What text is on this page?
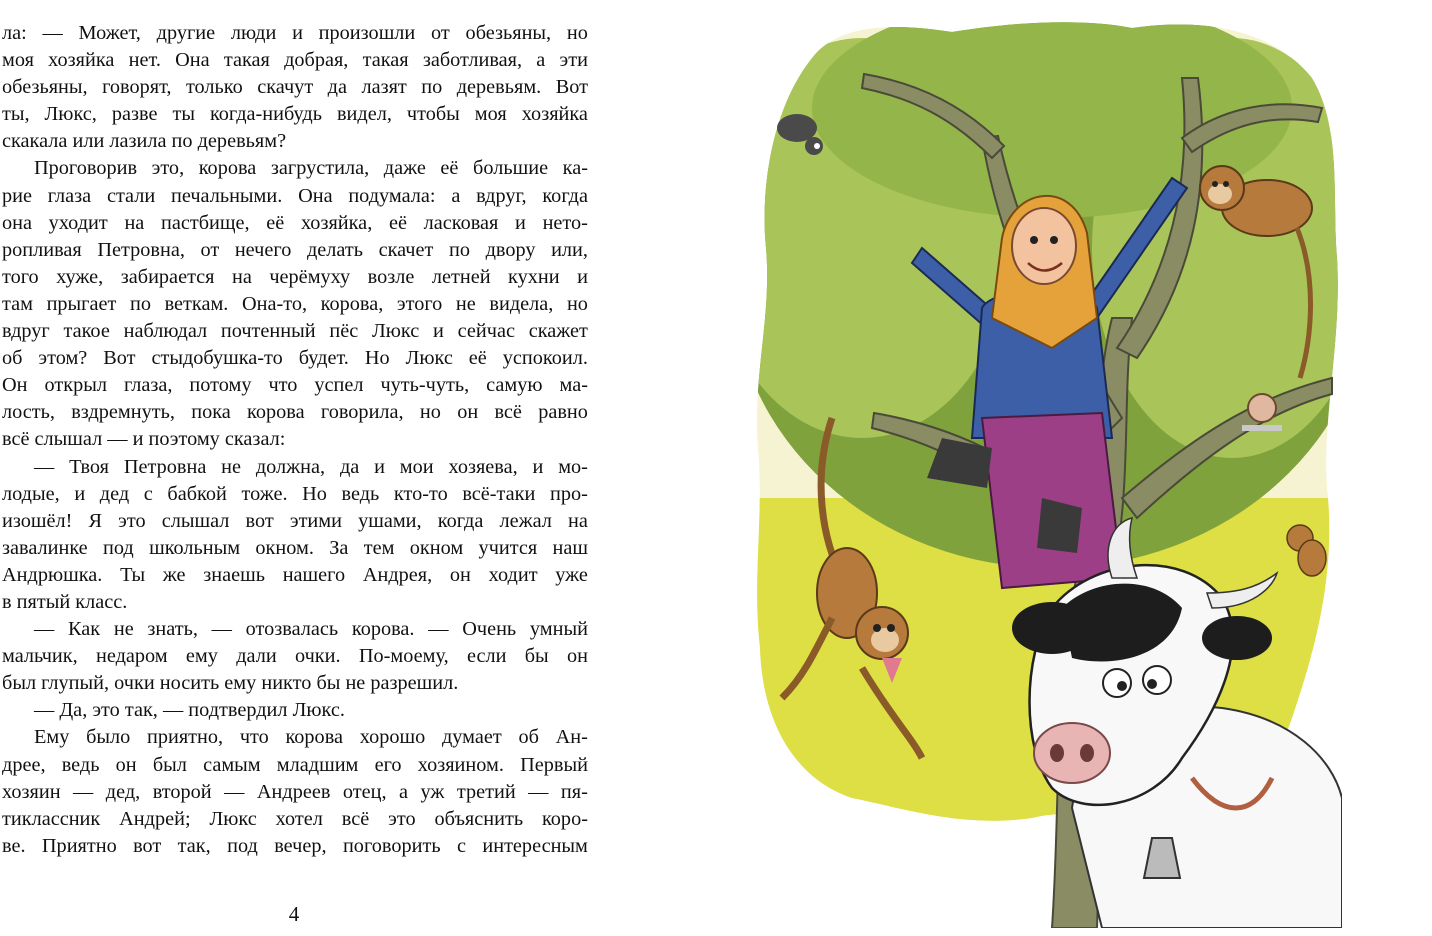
ла: — Может, другие люди и произошли от обезьяны, но
моя хозяйка нет. Она такая добрая, такая заботливая, а эти
обезьяны, говорят, только скачут да лазят по деревьям. Вот
ты, Люкс, разве ты когда-нибудь видел, чтобы моя хозяйка
скакала или лазила по деревьям?
Проговорив это, корова загрустила, даже её большие ка-
рие глаза стали печальными. Она подумала: а вдруг, когда
она уходит на пастбище, её хозяйка, её ласковая и нето-
ропливая Петровна, от нечего делать скачет по двору или,
того хуже, забирается на черёмуху возле летней кухни и
там прыгает по веткам. Она-то, корова, этого не видела, но
вдруг такое наблюдал почтенный пёс Люкс и сейчас скажет
об этом? Вот стыдобушка-то будет. Но Люкс её успокоил.
Он открыл глаза, потому что успел чуть-чуть, самую ма-
лость, вздремнуть, пока корова говорила, но он всё равно
всё слышал — и поэтому сказал:
— Твоя Петровна не должна, да и мои хозяева, и мо-
лодые, и дед с бабкой тоже. Но ведь кто-то всё-таки про-
изошёл! Я это слышал вот этими ушами, когда лежал на
завалинке под школьным окном. За тем окном учится наш
Андрюшка. Ты же знаешь нашего Андрея, он ходит уже
в пятый класс.
— Как не знать, — отозвалась корова. — Очень умный
мальчик, недаром ему дали очки. По-моему, если бы он
был глупый, очки носить ему никто бы не разрешил.
— Да, это так, — подтвердил Люкс.
Ему было приятно, что корова хорошо думает об Ан-
дрее, ведь он был самым младшим его хозяином. Первый
хозяин — дед, второй — Андреев отец, а уж третий — пя-
тиклассник Андрей; Люкс хотел всё это объяснить коро-
ве. Приятно вот так, под вечер, поговорить с интересным
4
